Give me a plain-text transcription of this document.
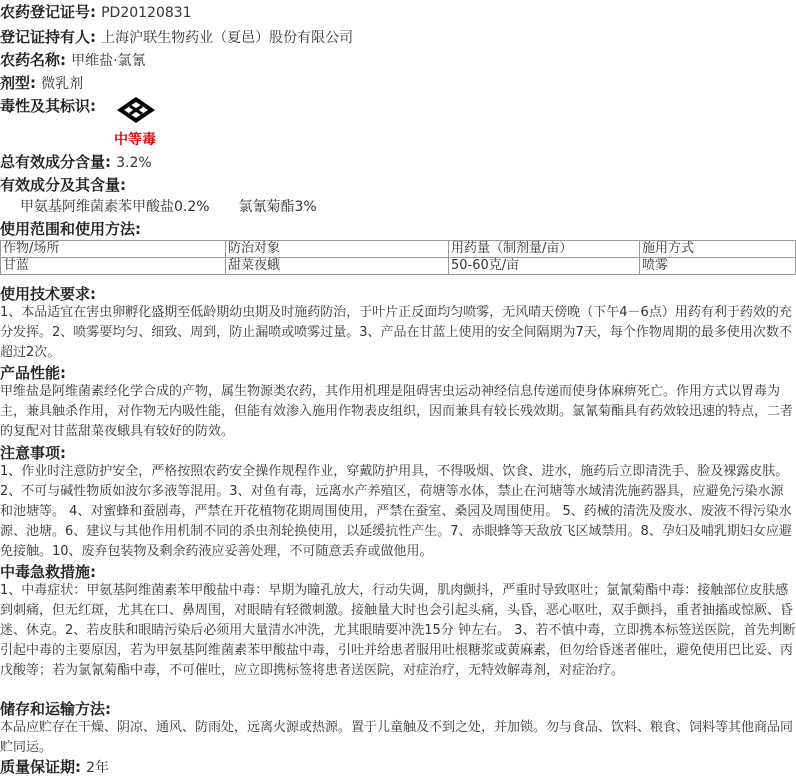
农药登记证号: PD20120831
登记证持有人: 上海沪联生物药业（夏邑）股份有限公司
农药名称: 甲维盐·氯氰
剂型: 微乳剂
毒性及其标识:
中等毒
总有效成分含量: 3.2%
有效成分及其含量:
甲氨基阿维菌素苯甲酸盐0.2% 氯氰菊酯3%
使用范围和使用方法:
作物/场所	防治对象	用药量（制剂量/亩）	施用方式
甘蓝	甜菜夜蛾	50-60克/亩	喷雾
使用技术要求:
1、本品适宜在害虫卵孵化盛期至低龄期幼虫期及时施药防治，于叶片正反面均匀喷雾，无风晴天傍晚（下午4－6点）用药有利于药效的充分发挥。2、喷雾要均匀、细致、周到，防止漏喷或喷雾过量。3、产品在甘蓝上使用的安全间隔期为7天，每个作物周期的最多使用次数不超过2次。
产品性能:
甲维盐是阿维菌素经化学合成的产物，属生物源类农药，其作用机理是阻碍害虫运动神经信息传递而使身体麻痹死亡。作用方式以胃毒为主，兼具触杀作用，对作物无内吸性能，但能有效渗入施用作物表皮组织，因而兼具有较长残效期。氯氰菊酯具有药效较迅速的特点，二者的复配对甘蓝甜菜夜蛾具有较好的防效。
注意事项:
1、作业时注意防护安全，严格按照农药安全操作规程作业，穿戴防护用具，不得吸烟、饮食、进水，施药后立即清洗手、脸及裸露皮肤。2、不可与碱性物质如波尔多液等混用。3、对鱼有毒，远离水产养殖区，荷塘等水体，禁止在河塘等水域清洗施药器具，应避免污染水源和池塘等。 4、对蜜蜂和蚕剧毒，严禁在开花植物花期周围使用，严禁在蚕室、桑园及周围使用。 5、药械的清洗及废水、废液不得污染水源、池塘。6、建议与其他作用机制不同的杀虫剂轮换使用，以延缓抗性产生。7、赤眼蜂等天敌放飞区域禁用。8、孕妇及哺乳期妇女应避免接触。10、废弃包装物及剩余药液应妥善处理，不可随意丢弃或做他用。
中毒急救措施:
1、中毒症状：甲氨基阿维菌素苯甲酸盐中毒：早期为瞳孔放大，行动失调，肌肉颤抖，严重时导致呕吐；氯氰菊酯中毒：接触部位皮肤感到刺痛，但无红斑，尤其在口、鼻周围，对眼睛有轻微刺激。接触量大时也会引起头痛，头昏，恶心呕吐，双手颤抖，重者抽搐或惊厥、昏迷、休克。2、若皮肤和眼睛污染后必须用大量清水冲洗，尤其眼睛要冲洗15分 钟左右。 3、若不慎中毒，立即携本标签送医院，首先判断引起中毒的主要原因，若为甲氨基阿维菌素苯甲酸盐中毒，引吐并给患者服用吐根糖浆或黄麻素，但勿给昏迷者催吐，避免使用巴比妥、丙戊酸等；若为氯氰菊酯中毒，不可催吐，应立即携标签将患者送医院，对症治疗，无特效解毒剂，对症治疗。
储存和运输方法:
本品应贮存在干燥、阴凉、通风、防雨处，远离火源或热源。置于儿童触及不到之处，并加锁。勿与食品、饮料、粮食、饲料等其他商品同贮同运。
质量保证期: 2年
